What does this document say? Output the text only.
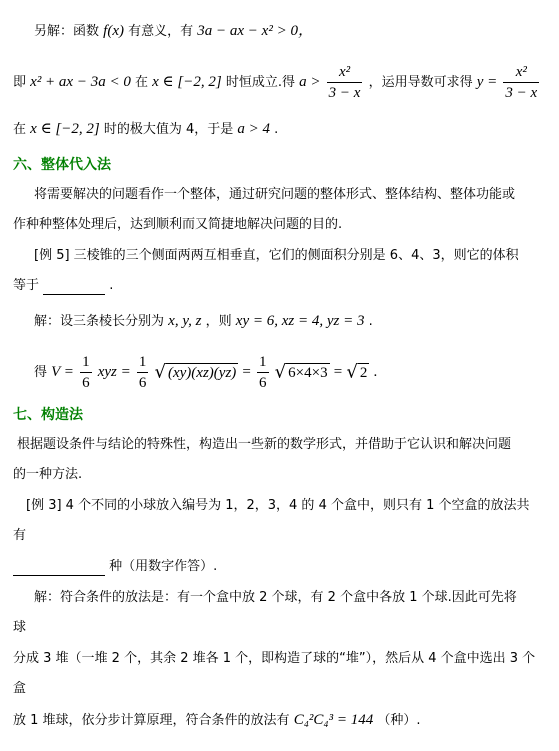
另解：函数 f(x) 有意义，有 3a − ax − x² > 0，
即 x² + ax − 3a < 0 在 x ∈ [−2, 2] 时恒成立.得 $a > \frac{\text{x²}}{3 - x}$ ，运用导数可求得 $y = \frac{\text{x²}}{3 - x}$
在 x ∈ [−2, 2] 时的极大值为 4，于是 a > 4 .
六、整体代入法
将需要解决的问题看作一个整体，通过研究问题的整体形式、整体结构、整体功能或
作种种整体处理后，达到顺利而又简捷地解决问题的目的.
[例 5] 三棱锥的三个侧面两两互相垂直，它们的侧面积分别是 6、4、3，则它的体积
等于	.
解：设三条棱长分别为 x, y, z ，则 xy = 6, xz = 4, yz = 3 .
得 $V = \frac{1}{6}$ xyz = $\frac{1}{6}$ √ $(xy)(xz)(yz) = \frac{1}{6}$ √ 6×4×3 = √ 2 .
七、构造法
根据题设条件与结论的特殊性，构造出一些新的数学形式，并借助于它认识和解决问题
的一种方法.
[例 3] 4 个不同的小球放入编号为 1，2，3，4 的 4 个盒中，则只有 1 个空盒的放法共
有
种（用数字作答）.
解：符合条件的放法是：有一个盒中放 2 个球，有 2 个盒中各放 1 个球.因此可先将
球
分成 3 堆（一堆 2 个，其余 2 堆各 1 个，即构造了球的“堆”），然后从 4 个盒中选出 3 个
盒
放 1 堆球，依分步计算原理，符合条件的放法有 C₄²C₄³ = 144 （种）.
